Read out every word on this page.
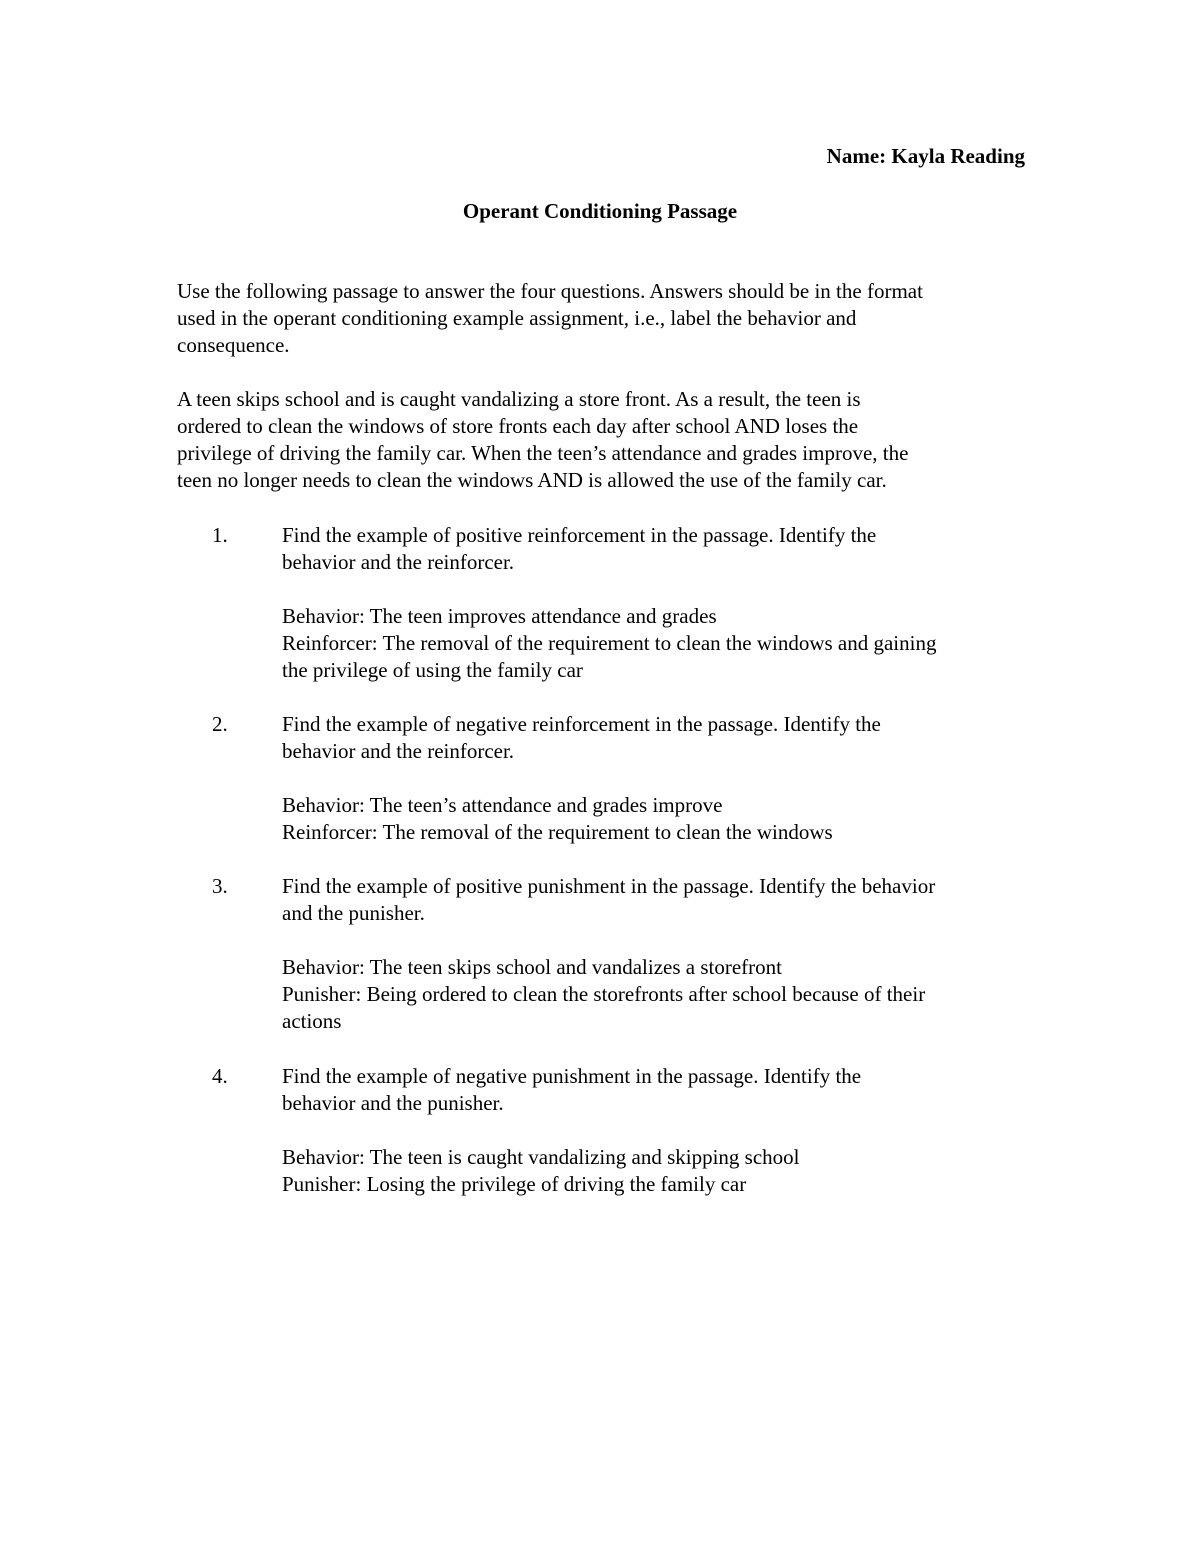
Name: Kayla Reading
Operant Conditioning Passage

Use the following passage to answer the four questions. Answers should be in the format
used in the operant conditioning example assignment, i.e., label the behavior and
consequence.

A teen skips school and is caught vandalizing a store front. As a result, the teen is
ordered to clean the windows of store fronts each day after school AND loses the
privilege of driving the family car. When the teen’s attendance and grades improve, the
teen no longer needs to clean the windows AND is allowed the use of the family car.

1.	Find the example of positive reinforcement in the passage. Identify the
behavior and the reinforcer.
Behavior: The teen improves attendance and grades
Reinforcer: The removal of the requirement to clean the windows and gaining
the privilege of using the family car
2.	Find the example of negative reinforcement in the passage. Identify the
behavior and the reinforcer.
Behavior: The teen’s attendance and grades improve
Reinforcer: The removal of the requirement to clean the windows
3.	Find the example of positive punishment in the passage. Identify the behavior
and the punisher.
Behavior: The teen skips school and vandalizes a storefront
Punisher: Being ordered to clean the storefronts after school because of their
actions
4.	Find the example of negative punishment in the passage. Identify the
behavior and the punisher.
Behavior: The teen is caught vandalizing and skipping school
Punisher: Losing the privilege of driving the family car
